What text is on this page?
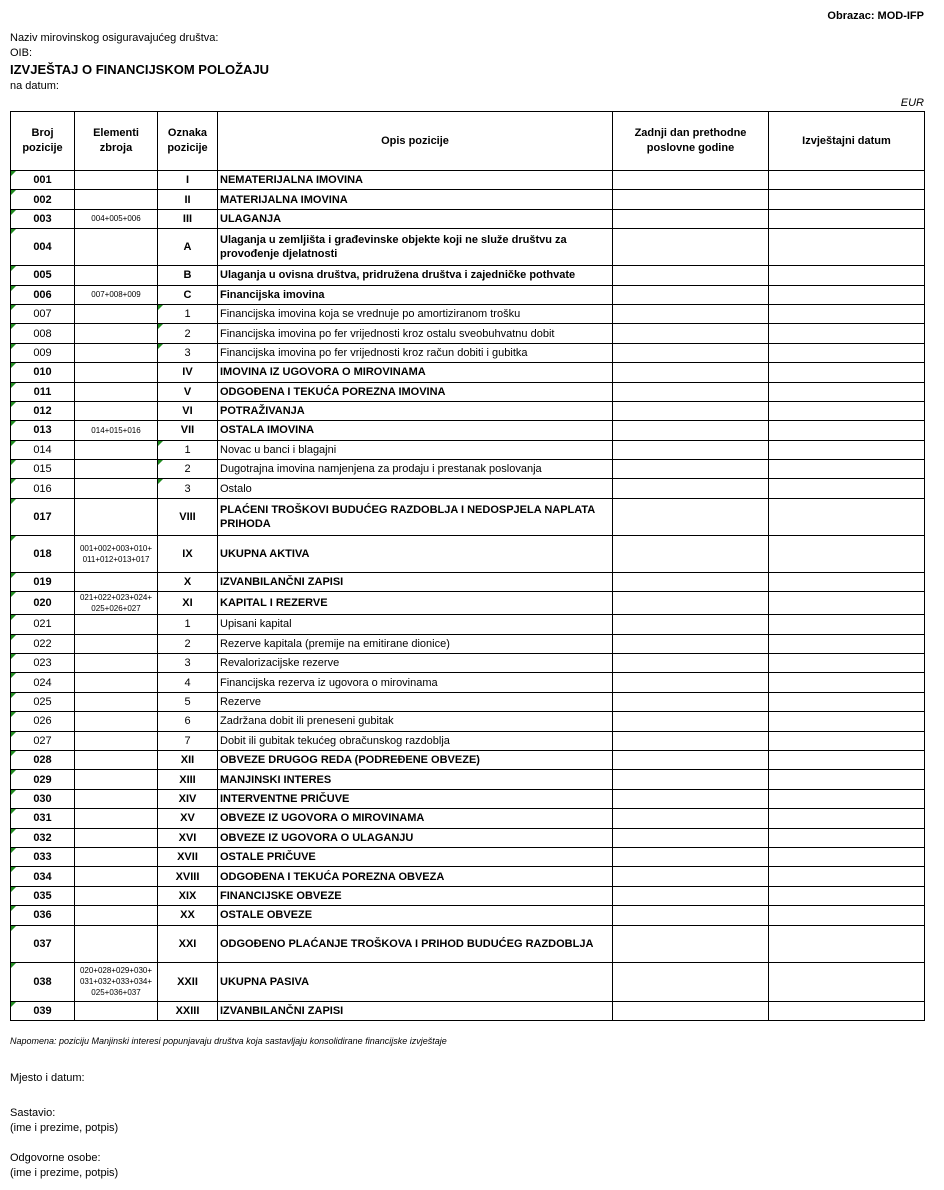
Obrazac: MOD-IFP
Naziv mirovinskog osiguravajućeg društva:
OIB:
IZVJEŠTAJ O FINANCIJSKOM POLOŽAJU
na datum:
EUR
Broj pozicije	Elementi zbroja	Oznaka pozicije	Opis pozicije	Zadnji dan prethodne poslovne godine	Izvještajni datum
001		I	NEMATERIJALNA IMOVINA		
002		II	MATERIJALNA IMOVINA		
003	004+005+006	III	ULAGANJA		
004		A	Ulaganja u zemljišta i građevinske objekte koji ne služe društvu za provođenje djelatnosti		
005		B	Ulaganja u ovisna društva, pridružena društva i zajedničke pothvate		
006	007+008+009	C	Financijska imovina		
007		1	Financijska imovina koja se vrednuje po amortiziranom trošku		
008		2	Financijska imovina po fer vrijednosti kroz ostalu sveobuhvatnu dobit		
009		3	Financijska imovina po fer vrijednosti kroz račun dobiti i gubitka		
010		IV	IMOVINA IZ UGOVORA O MIROVINAMA		
011		V	ODGOĐENA I TEKUĆA POREZNA IMOVINA		
012		VI	POTRAŽIVANJA		
013	014+015+016	VII	OSTALA IMOVINA		
014		1	Novac u banci i blagajni		
015		2	Dugotrajna imovina namjenjena za prodaju i prestanak poslovanja		
016		3	Ostalo		
017		VIII	PLAĆENI TROŠKOVI BUDUĆEG RAZDOBLJA I NEDOSPJELA NAPLATA PRIHODA		
018	001+002+003+010+ 011+012+013+017	IX	UKUPNA AKTIVA		
019		X	IZVANBILANČNI ZAPISI		
020	021+022+023+024+ 025+026+027	XI	KAPITAL I REZERVE		
021		1	Upisani kapital		
022		2	Rezerve kapitala (premije na emitirane dionice)		
023		3	Revalorizacijske rezerve		
024		4	Financijska rezerva iz ugovora o mirovinama		
025		5	Rezerve		
026		6	Zadržana dobit ili preneseni gubitak		
027		7	Dobit ili gubitak tekućeg obračunskog razdoblja		
028		XII	OBVEZE DRUGOG REDA (PODREĐENE OBVEZE)		
029		XIII	MANJINSKI INTERES		
030		XIV	INTERVENTNE PRIČUVE		
031		XV	OBVEZE IZ UGOVORA O MIROVINAMA		
032		XVI	OBVEZE IZ UGOVORA O ULAGANJU		
033		XVII	OSTALE PRIČUVE		
034		XVIII	ODGOĐENA I TEKUĆA POREZNA OBVEZA		
035		XIX	FINANCIJSKE OBVEZE		
036		XX	OSTALE OBVEZE		
037		XXI	ODGOĐENO PLAĆANJE TROŠKOVA I PRIHOD BUDUĆEG RAZDOBLJA		
038	020+028+029+030+ 031+032+033+034+ 025+036+037	XXII	UKUPNA PASIVA		
039		XXIII	IZVANBILANČNI ZAPISI		
Napomena: poziciju Manjinski interesi popunjavaju društva koja sastavljaju konsolidirane financijske izvještaje
Mjesto i datum:
Sastavio:
(ime i prezime, potpis)
Odgovorne osobe:
(ime i prezime, potpis)
